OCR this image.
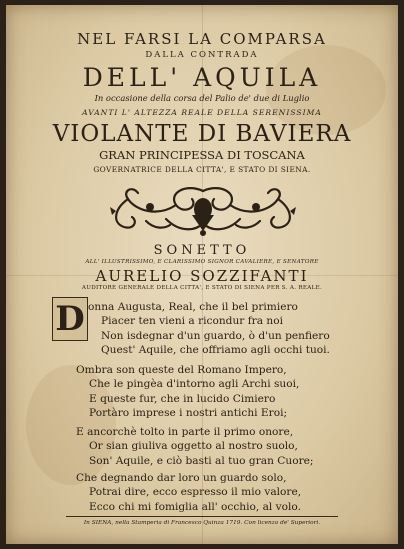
NEL FARSI LA COMPARSA
DALLA CONTRADA
DELL' AQUILA
In occasione della corsa del Palio de' due di Luglio
AVANTI L' ALTEZZA REALE DELLA SERENISSIMA
VIOLANTE DI BAVIERA
GRAN PRINCIPESSA DI TOSCANA
GOVERNATRICE DELLA CITTA', E STATO DI SIENA.
SONETTO
ALL' ILLUSTRISSIMO, E CLARISSIMO SIGNOR CAVALIERE, E SENATORE
AURELIO SOZZIFANTI
AUDITORE GENERALE DELLA CITTA', E STATO DI SIENA PER S. A. REALE.
D onna Augusta, Real, che il bel primiero
Piacer ten vieni a ricondur fra noi
Non isdegnar d'un guardo, ò d'un penfiero
Quest' Aquile, che offriamo agli occhi tuoi.
Ombra son queste del Romano Impero,
Che le pingèa d'intorno agli Archi suoi,
E queste fur, che in lucido Cimiero
Portàro imprese i nostri antichi Eroi;
E ancorchè tolto in parte il primo onore,
Or sian giuliva oggetto al nostro suolo,
Son' Aquile, e ciò basti al tuo gran Cuore;
Che degnando dar loro un guardo solo,
Potrai dire, ecco espresso il mio valore,
Ecco chi mi fomiglia all' occhio, al volo.
In SIENA, nella Stamperia di Francesco Quinza 1719. Con licenza de' Superiori.
